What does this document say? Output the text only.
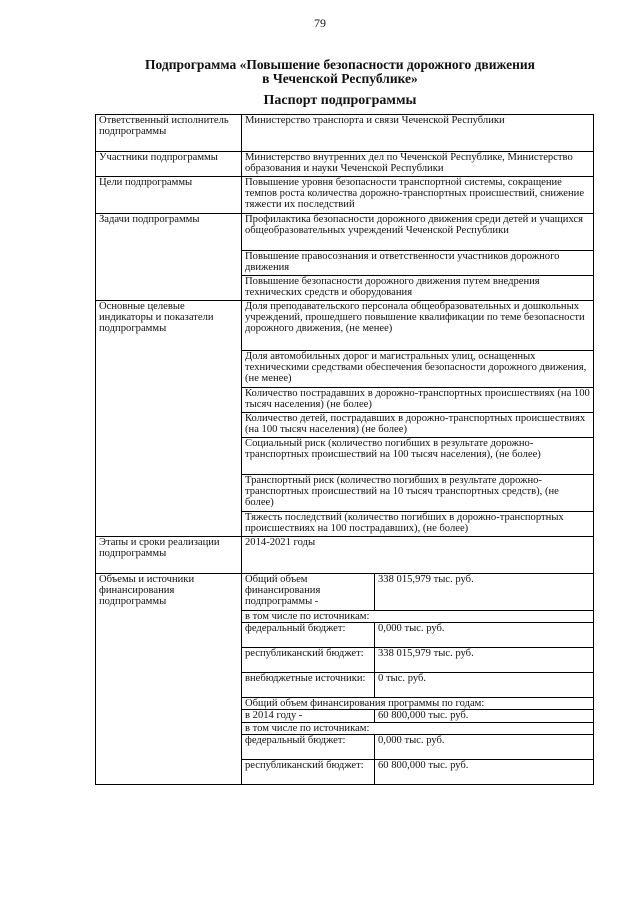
79
Подпрограмма «Повышение безопасности дорожного движения
в Чеченской Республике»
Паспорт подпрограммы
Ответственный исполнитель подпрограммы	Министерство транспорта и связи Чеченской Республики	
Участники подпрограммы	Министерство внутренних дел по Чеченской Республике, Министерство образования и науки Чеченской Республики	
Цели подпрограммы	Повышение уровня безопасности транспортной системы, сокращение темпов роста количества дорожно-транспортных происшествий, снижение тяжести их последствий	
Задачи подпрограммы	Профилактика безопасности дорожного движения среди детей и учащихся общеобразовательных учреждений Чеченской Республики	
	Повышение правосознания и ответственности участников дорожного движения	
	Повышение безопасности дорожного движения путем внедрения технических средств и оборудования	
Основные целевые индикаторы и показатели подпрограммы	Доля преподавательского персонала общеобразовательных и дошкольных учреждений, прошедшего повышение квалификации по теме безопасности дорожного движения, (не менее)	
	Доля автомобильных дорог и магистральных улиц, оснащенных техническими средствами обеспечения безопасности дорожного движения, (не менее)	
	Количество пострадавших в дорожно-транспортных происшествиях (на 100 тысяч населения) (не более)	
	Количество детей, пострадавших в дорожно-транспортных происшествиях (на 100 тысяч населения) (не более)	
	Социальный риск (количество погибших в результате дорожно-транспортных происшествий на 100 тысяч населения), (не более)	
	Транспортный риск (количество погибших в результате дорожно-транспортных происшествий на 10 тысяч транспортных средств), (не более)	
	Тяжесть последствий (количество погибших в дорожно-транспортных происшествиях на 100 пострадавших), (не более)	
Этапы и сроки реализации подпрограммы	2014-2021 годы	
Объемы и источники финансирования подпрограммы	Общий объем финансирования подпрограммы -	338 015,979 тыс. руб.
	в том числе по источникам:	
	федеральный бюджет:	0,000 тыс. руб.
	республиканский бюджет:	338 015,979 тыс. руб.
	внебюджетные источники:	0 тыс. руб.
	Общий объем финансирования программы по годам:	
	в 2014 году -	60 800,000 тыс. руб.
	в том числе по источникам:	
	федеральный бюджет:	0,000 тыс. руб.
	республиканский бюджет:	60 800,000 тыс. руб.
